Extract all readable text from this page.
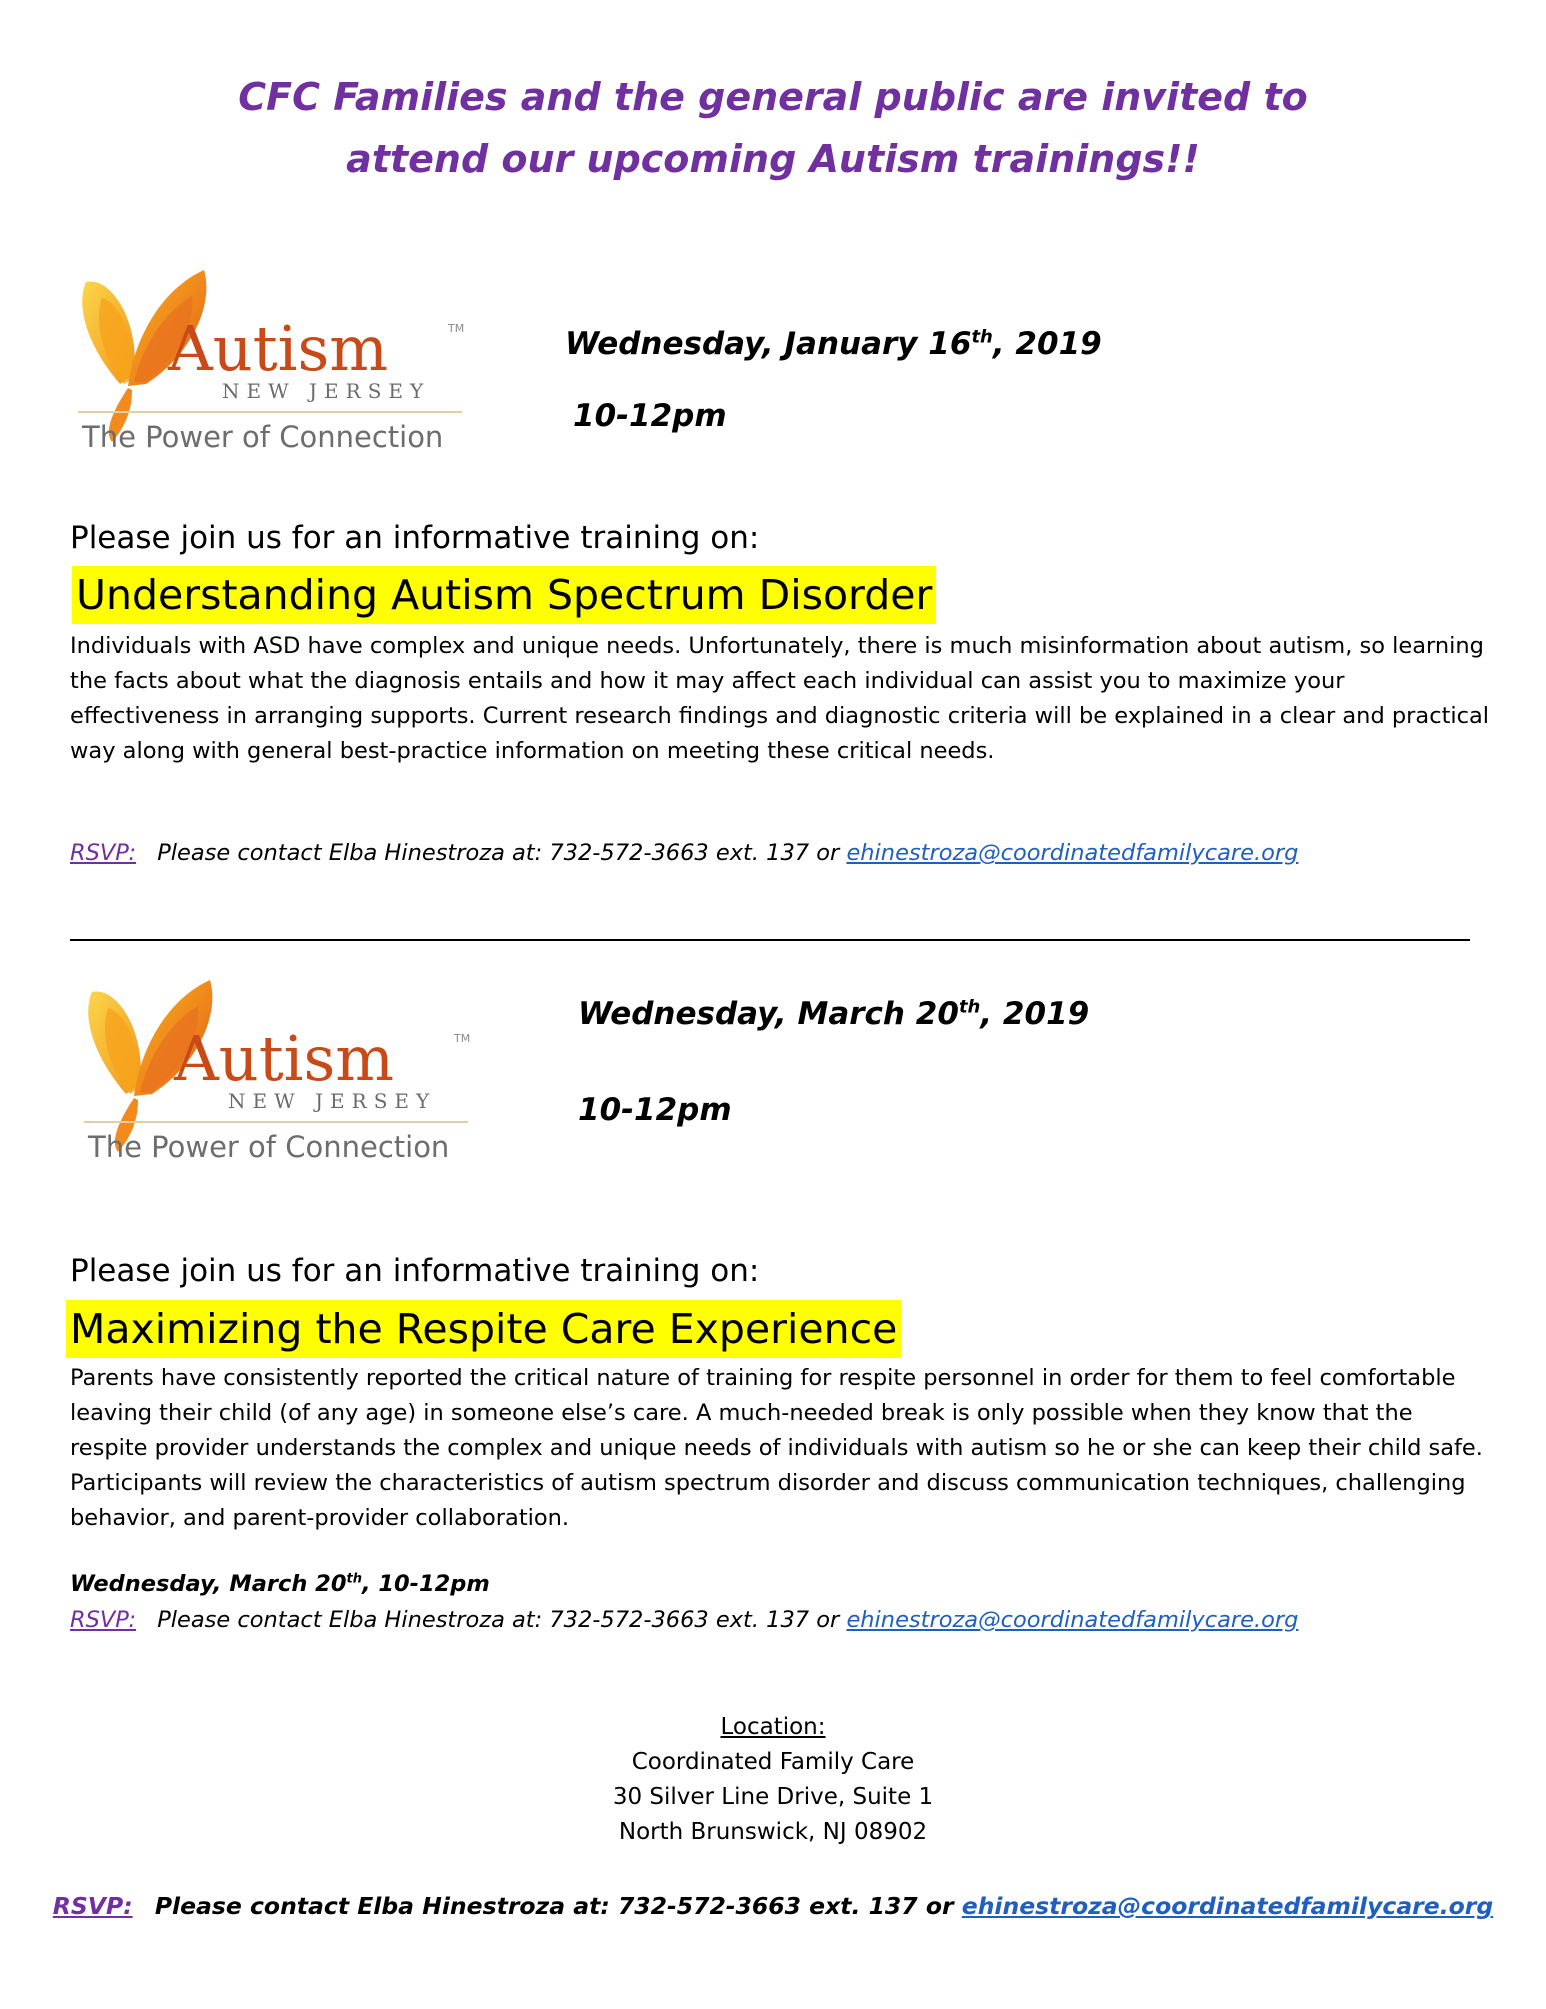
CFC Families and the general public are invited to
attend our upcoming Autism trainings!!
Autism	TM
NEW JERSEY
The Power of Connection
Wednesday, January 16th, 2019
10-12pm
Please join us for an informative training on:
Understanding Autism Spectrum Disorder
Individuals with ASD have complex and unique needs. Unfortunately, there is much misinformation about autism, so learning the facts about what the diagnosis entails and how it may affect each individual can assist you to maximize your effectiveness in arranging supports. Current research findings and diagnostic criteria will be explained in a clear and practical way along with general best-practice information on meeting these critical needs.
RSVP: Please contact Elba Hinestroza at: 732-572-3663 ext. 137 or ehinestroza@coordinatedfamilycare.org
Autism	TM
NEW JERSEY
The Power of Connection
Wednesday, March 20th, 2019
10-12pm
Please join us for an informative training on:
Maximizing the Respite Care Experience
Parents have consistently reported the critical nature of training for respite personnel in order for them to feel comfortable leaving their child (of any age) in someone else’s care. A much-needed break is only possible when they know that the respite provider understands the complex and unique needs of individuals with autism so he or she can keep their child safe. Participants will review the characteristics of autism spectrum disorder and discuss communication techniques, challenging behavior, and parent-provider collaboration.
Wednesday, March 20th, 10-12pm
RSVP: Please contact Elba Hinestroza at: 732-572-3663 ext. 137 or ehinestroza@coordinatedfamilycare.org
Location:
Coordinated Family Care
30 Silver Line Drive, Suite 1
North Brunswick, NJ 08902
RSVP: Please contact Elba Hinestroza at: 732-572-3663 ext. 137 or ehinestroza@coordinatedfamilycare.org
